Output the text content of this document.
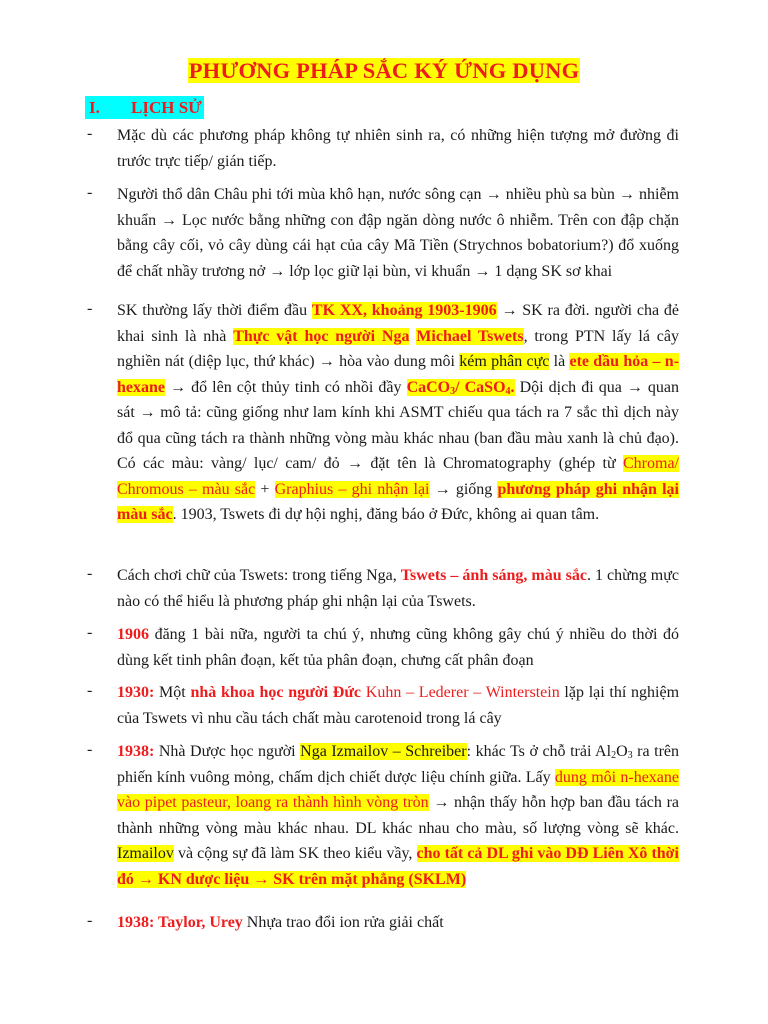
PHƯƠNG PHÁP SẮC KÝ ỨNG DỤNG
I. LỊCH SỬ
- Mặc dù các phương pháp không tự nhiên sinh ra, có những hiện tượng mở đường đi trước trực tiếp/ gián tiếp.
- Người thổ dân Châu phi tới mùa khô hạn, nước sông cạn → nhiều phù sa bùn → nhiễm khuẩn → Lọc nước bằng những con đập ngăn dòng nước ô nhiễm. Trên con đập chặn bằng cây cối, vỏ cây dùng cái hạt của cây Mã Tiền (Strychnos bobatorium?) đổ xuống để chất nhầy trương nở → lớp lọc giữ lại bùn, vi khuẩn → 1 dạng SK sơ khai
- SK thường lấy thời điểm đầu TK XX, khoảng 1903-1906 → SK ra đời. người cha đẻ khai sinh là nhà Thực vật học người Nga Michael Tswets, trong PTN lấy lá cây nghiền nát (diệp lục, thứ khác) → hòa vào dung môi kém phân cực là ete dầu hỏa – n-hexane → đổ lên cột thủy tinh có nhồi đầy CaCO$_3$/ CaSO$_4$. Dội dịch đi qua → quan sát → mô tả: cũng giống như lam kính khi ASMT chiếu qua tách ra 7 sắc thì dịch này đổ qua cũng tách ra thành những vòng màu khác nhau (ban đầu màu xanh là chủ đạo). Có các màu: vàng/ lục/ cam/ đỏ → đặt tên là Chromatography (ghép từ Chroma/ Chromous – màu sắc + Graphius – ghi nhận lại → giống phương pháp ghi nhận lại màu sắc. 1903, Tswets đi dự hội nghị, đăng báo ở Đức, không ai quan tâm.
- Cách chơi chữ của Tswets: trong tiếng Nga, Tswets – ánh sáng, màu sắc. 1 chừng mực nào có thể hiểu là phương pháp ghi nhận lại của Tswets.
- 1906 đăng 1 bài nữa, người ta chú ý, nhưng cũng không gây chú ý nhiều do thời đó dùng kết tinh phân đoạn, kết tủa phân đoạn, chưng cất phân đoạn
- 1930: Một nhà khoa học người Đức Kuhn – Lederer – Winterstein lặp lại thí nghiệm của Tswets vì nhu cầu tách chất màu carotenoid trong lá cây
- 1938: Nhà Dược học người Nga Izmailov – Schreiber: khác Ts ở chỗ trải $Al_2O_3$ ra trên phiến kính vuông mỏng, chấm dịch chiết dược liệu chính giữa. Lấy dung môi n-hexane vào pipet pasteur, loang ra thành hình vòng tròn → nhận thấy hỗn hợp ban đầu tách ra thành những vòng màu khác nhau. DL khác nhau cho màu, số lượng vòng sẽ khác. Izmailov và cộng sự đã làm SK theo kiểu vầy, cho tất cả DL ghi vào DĐ Liên Xô thời đó → KN dược liệu → SK trên mặt phẳng (SKLM)
- 1938: Taylor, Urey Nhựa trao đổi ion rửa giải chất
